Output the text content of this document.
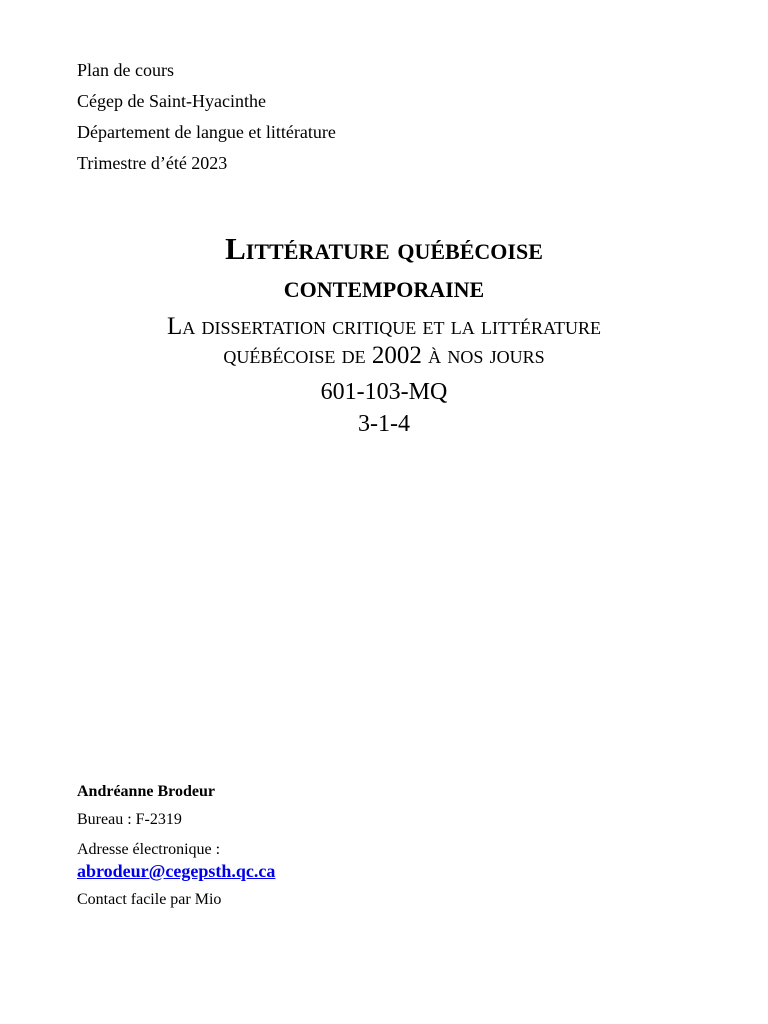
Plan de cours
Cégep de Saint-Hyacinthe
Département de langue et littérature
Trimestre d’été 2023
Littérature québécoise
contemporaine
La dissertation critique et la littérature
québécoise de 2002 à nos jours

601-103-MQ

3-1-4

Andréanne Brodeur
Bureau : F-2319
Adresse électronique :
abrodeur@cegepsth.qc.ca
Contact facile par Mio
